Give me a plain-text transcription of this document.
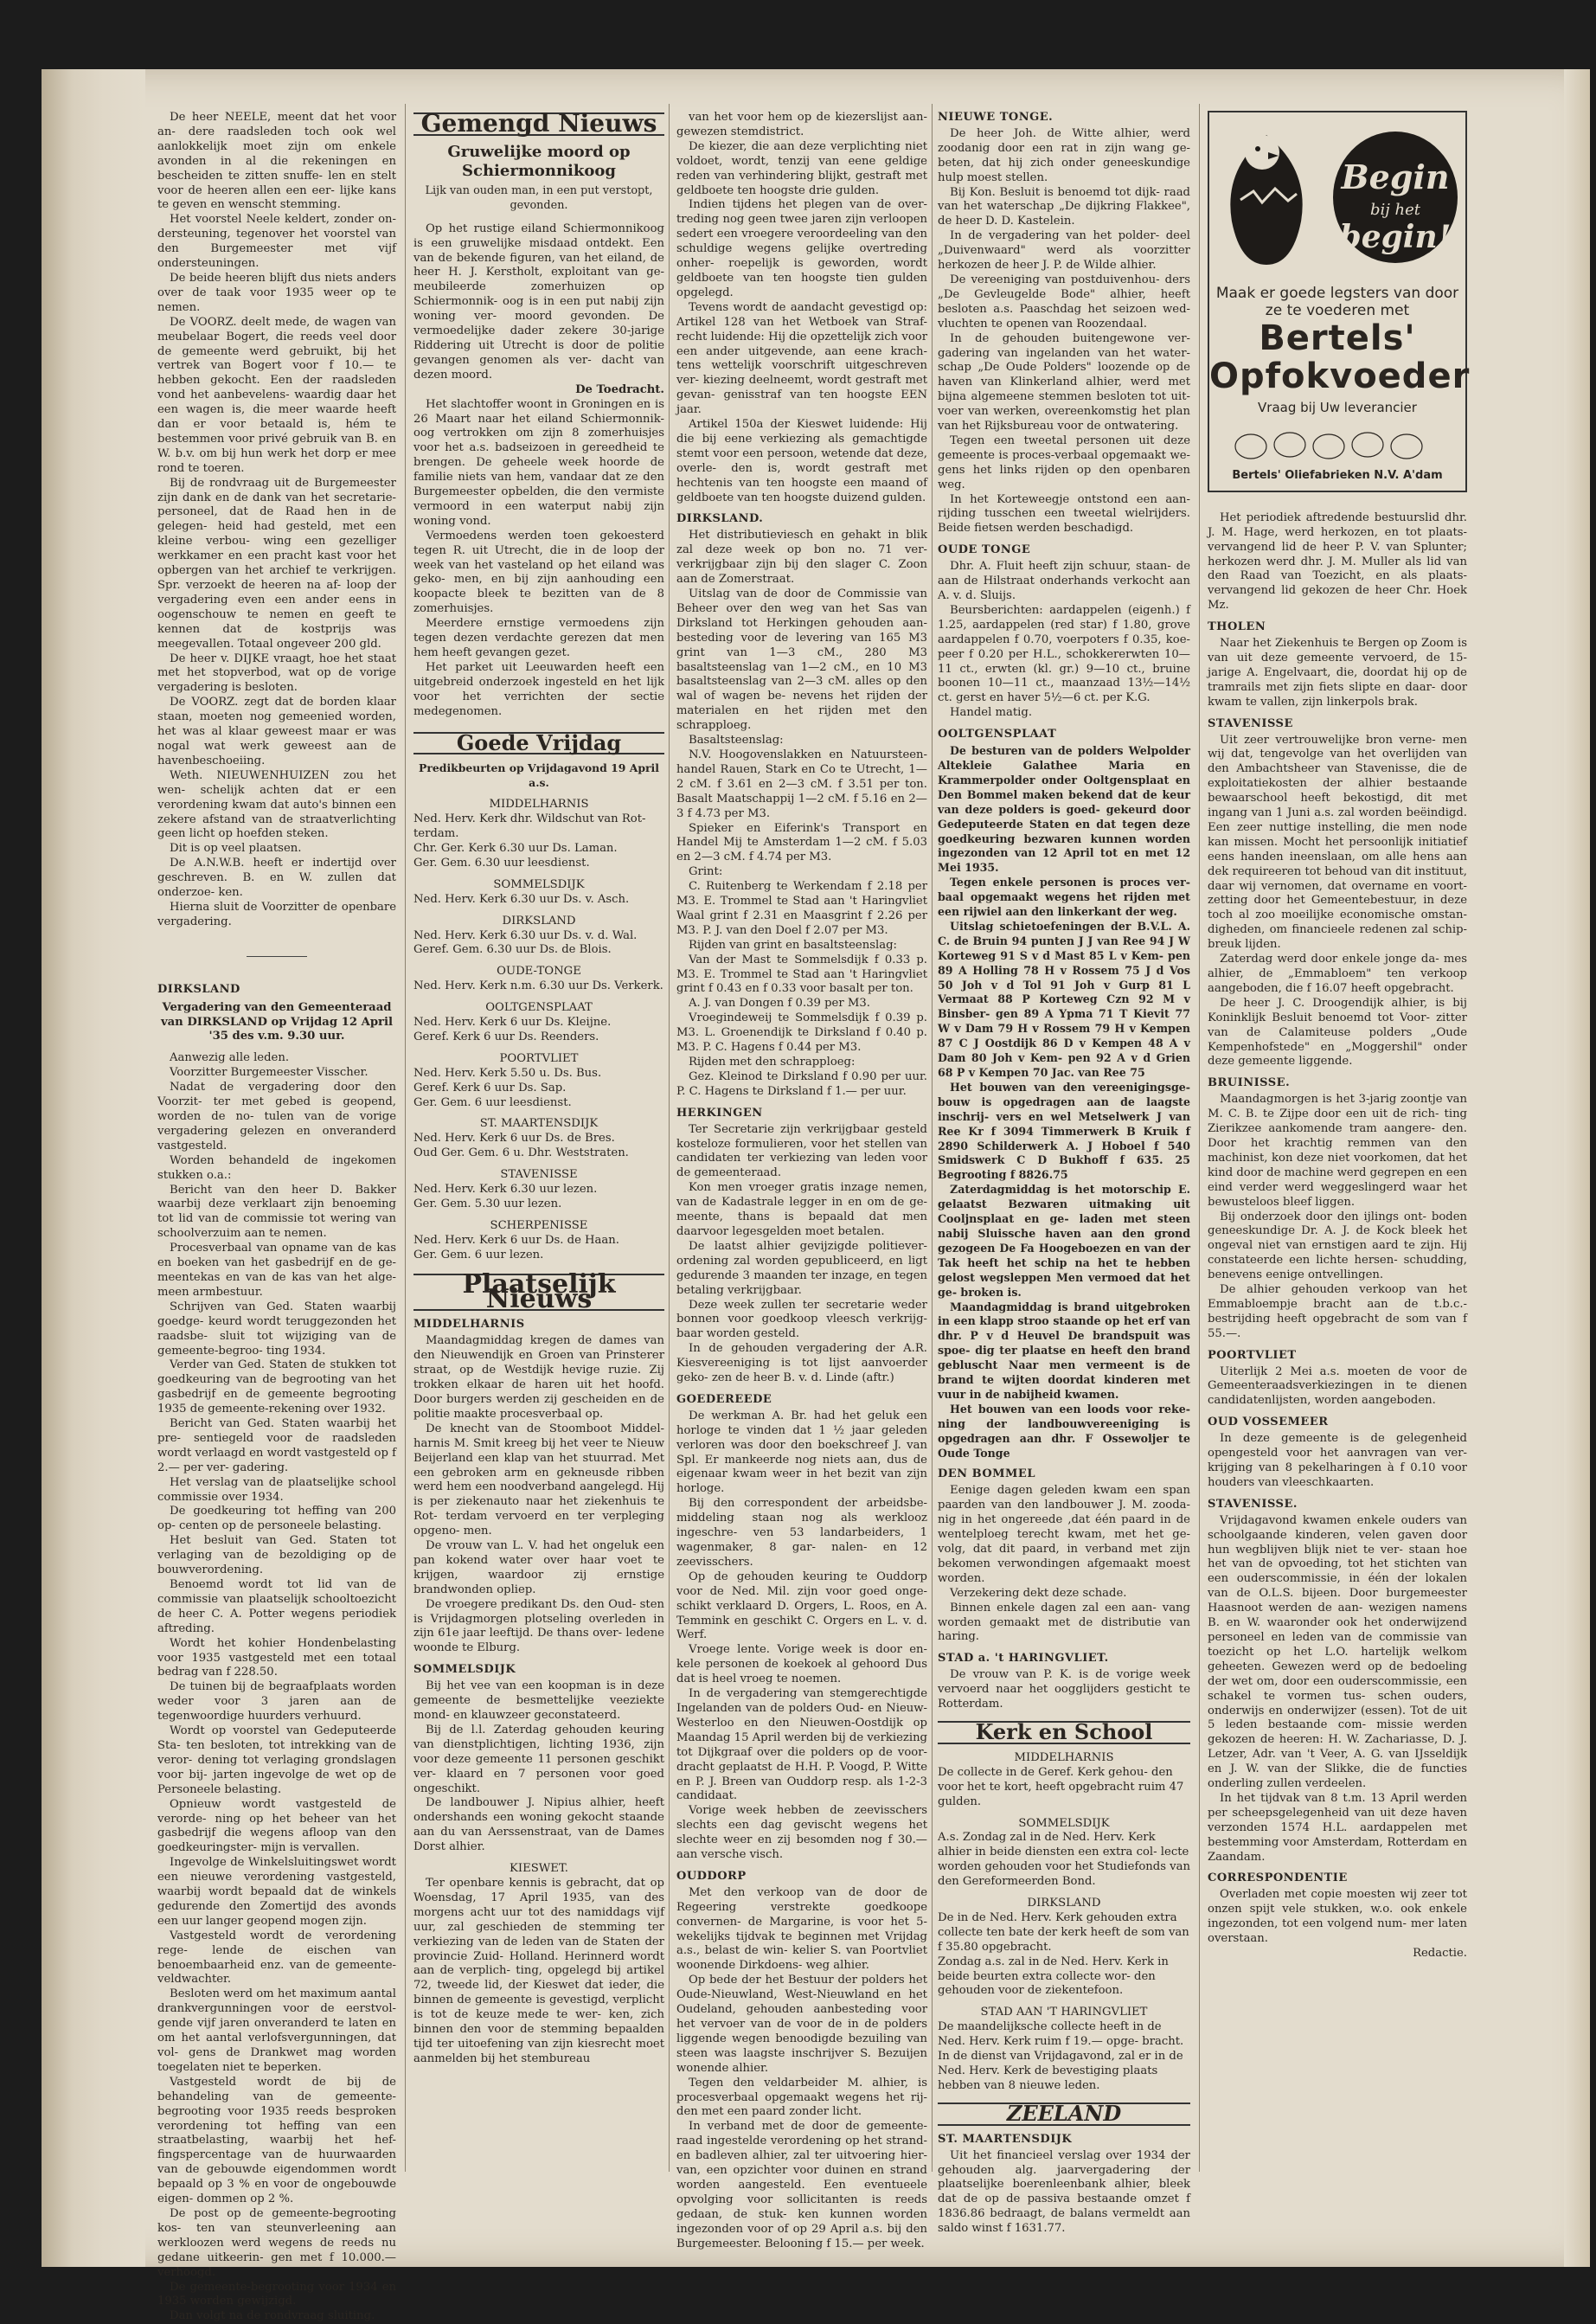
De heer NEELE, meent dat het voor an- dere raadsleden toch ook wel aanlokkelijk moet zijn om enkele avonden in al die rekeningen en bescheiden te zitten snuffe- len en stelt voor de heeren allen een eer- lijke kans te geven en wenscht stemming.

Het voorstel Neele keldert, zonder on- dersteuning, tegenover het voorstel van den Burgemeester met vijf ondersteuningen.

De beide heeren blijft dus niets anders over de taak voor 1935 weer op te nemen.

De VOORZ. deelt mede, de wagen van meubelaar Bogert, die reeds veel door de gemeente werd gebruikt, bij het vertrek van Bogert voor f 10.— te hebben gekocht. Een der raadsleden vond het aanbevelens- waardig daar het een wagen is, die meer waarde heeft dan er voor betaald is, hém te bestemmen voor privé gebruik van B. en W. b.v. om bij hun werk het dorp er mee rond te toeren.

Bij de rondvraag uit de Burgemeester zijn dank en de dank van het secretarie- personeel, dat de Raad hen in de gelegen- heid had gesteld, met een kleine verbou- wing een gezelliger werkkamer en een pracht kast voor het opbergen van het archief te verkrijgen. Spr. verzoekt de heeren na af- loop der vergadering even een ander eens in oogenschouw te nemen en geeft te kennen dat de kostprijs was meegevallen. Totaal ongeveer 200 gld.

De heer v. DIJKE vraagt, hoe het staat met het stopverbod, wat op de vorige vergadering is besloten.

De VOORZ. zegt dat de borden klaar staan, moeten nog gemeenied worden, het was al klaar geweest maar er was nogal wat werk geweest aan de havenbeschoeiing.

Weth. NIEUWENHUIZEN zou het wen- schelijk achten dat er een verordening kwam dat auto's binnen een zekere afstand van de straatverlichting geen licht op hoefden steken.

Dit is op veel plaatsen.

De A.N.W.B. heeft er indertijd over geschreven. B. en W. zullen dat onderzoe- ken.

Hierna sluit de Voorzitter de openbare vergadering.

DIRKSLAND

Vergadering van den Gemeenteraad van DIRKSLAND op Vrijdag 12 April '35 des v.m. 9.30 uur.

Aanwezig alle leden.

Voorzitter Burgemeester Visscher.

Nadat de vergadering door den Voorzit- ter met gebed is geopend, worden de no- tulen van de vorige vergadering gelezen en onveranderd vastgesteld.

Worden behandeld de ingekomen stukken o.a.:

Bericht van den heer D. Bakker waarbij deze verklaart zijn benoeming tot lid van de commissie tot wering van schoolverzuim aan te nemen.

Procesverbaal van opname van de kas en boeken van het gasbedrijf en de ge- meentekas en van de kas van het alge- meen armbestuur.

Schrijven van Ged. Staten waarbij goedge- keurd wordt teruggezonden het raadsbe- sluit tot wijziging van de gemeente-begroo- ting 1934.

Verder van Ged. Staten de stukken tot goedkeuring van de begrooting van het gasbedrijf en de gemeente begrooting 1935 de gemeente-rekening over 1932.

Bericht van Ged. Staten waarbij het pre- sentiegeld voor de raadsleden wordt verlaagd en wordt vastgesteld op f 2.— per ver- gadering.

Het verslag van de plaatselijke school commissie over 1934.

De goedkeuring tot heffing van 200 op- centen op de personeele belasting.

Het besluit van Ged. Staten tot verlaging van de bezoldiging op de bouwverordening.

Benoemd wordt tot lid van de commissie van plaatselijk schooltoezicht de heer C. A. Potter wegens periodiek aftreding.

Wordt het kohier Hondenbelasting voor 1935 vastgesteld met een totaal bedrag van f 228.50.

De tuinen bij de begraafplaats worden weder voor 3 jaren aan de tegenwoordige huurders verhuurd.

Wordt op voorstel van Gedeputeerde Sta- ten besloten, tot intrekking van de veror- dening tot verlaging grondslagen voor bij- jarten ingevolge de wet op de Personeele belasting.

Opnieuw wordt vastgesteld de verorde- ning op het beheer van het gasbedrijf die wegens afloop van den goedkeuringster- mijn is vervallen.

Ingevolge de Winkelsluitingswet wordt een nieuwe verordening vastgesteld, waarbij wordt bepaald dat de winkels gedurende den Zomertijd des avonds een uur langer geopend mogen zijn.

Vastgesteld wordt de verordening rege- lende de eischen van benoembaarheid enz. van de gemeente-veldwachter.

Besloten werd om het maximum aantal drankvergunningen voor de eerstvol- gende vijf jaren onveranderd te laten en om het aantal verlofsvergunningen, dat vol- gens de Drankwet mag worden toegelaten niet te beperken.

Vastgesteld wordt de bij de behandeling van de gemeente-begrooting voor 1935 reeds besproken verordening tot heffing van een straatbelasting, waarbij het hef- fingspercentage van de huurwaarden van de gebouwde eigendommen wordt bepaald op 3 % en voor de ongebouwde eigen- dommen op 2 %.

De post op de gemeente-begrooting kos- ten van steunverleening aan werkloozen werd wegens de reeds nu gedane uitkeerin- gen met f 10.000.— verhoogd.

De gemeente-begrooting voor 1934 en 1935 worden gewijzigd.

Dan volgt na de rondvraag sluiting.

Gemengd Nieuws
Gruwelijke moord op Schiermonnikoog
Lijk van ouden man, in een put verstopt, gevonden.

Op het rustige eiland Schiermonnikoog is een gruwelijke misdaad ontdekt. Een van de bekende figuren, van het eiland, de heer H. J. Kerstholt, exploitant van ge- meubileerde zomerhuizen op Schiermonnik- oog is in een put nabij zijn woning ver- moord gevonden. De vermoedelijke dader zekere 30-jarige Riddering uit Utrecht is door de politie gevangen genomen als ver- dacht van dezen moord.

De Toedracht.

Het slachtoffer woont in Groningen en is 26 Maart naar het eiland Schiermonnik- oog vertrokken om zijn 8 zomerhuisjes voor het a.s. badseizoen in gereedheid te brengen. De geheele week hoorde de familie niets van hem, vandaar dat ze den Burgemeester opbelden, die den vermiste vermoord in een waterput nabij zijn woning vond.

Vermoedens werden toen gekoesterd tegen R. uit Utrecht, die in de loop der week van het vasteland op het eiland was geko- men, en bij zijn aanhouding een koopacte bleek te bezitten van de 8 zomerhuisjes.

Meerdere ernstige vermoedens zijn tegen dezen verdachte gerezen dat men hem heeft gevangen gezet.

Het parket uit Leeuwarden heeft een uitgebreid onderzoek ingesteld en het lijk voor het verrichten der sectie medegenomen.

Goede Vrijdag

Predikbeurten op Vrijdagavond 19 April a.s.

MIDDELHARNIS

Ned. Herv. Kerk dhr. Wildschut van Rot- terdam.

Chr. Ger. Kerk 6.30 uur Ds. Laman.

Ger. Gem. 6.30 uur leesdienst.

SOMMELSDIJK

Ned. Herv. Kerk 6.30 uur Ds. v. Asch.

DIRKSLAND

Ned. Herv. Kerk 6.30 uur Ds. v. d. Wal.

Geref. Gem. 6.30 uur Ds. de Blois.

OUDE-TONGE

Ned. Herv. Kerk n.m. 6.30 uur Ds. Verkerk.

OOLTGENSPLAAT

Ned. Herv. Kerk 6 uur Ds. Kleijne.

Geref. Kerk 6 uur Ds. Reenders.

POORTVLIET

Ned. Herv. Kerk 5.50 u. Ds. Bus.

Geref. Kerk 6 uur Ds. Sap.

Ger. Gem. 6 uur leesdienst.

ST. MAARTENSDIJK

Ned. Herv. Kerk 6 uur Ds. de Bres.

Oud Ger. Gem. 6 u. Dhr. Weststraten.

STAVENISSE

Ned. Herv. Kerk 6.30 uur lezen.

Ger. Gem. 5.30 uur lezen.

SCHERPENISSE

Ned. Herv. Kerk 6 uur Ds. de Haan.

Ger. Gem. 6 uur lezen.

Plaatselijk Nieuws
MIDDELHARNIS

Maandagmiddag kregen de dames van den Nieuwendijk en Groen van Prinsterer straat, op de Westdijk hevige ruzie. Zij trokken elkaar de haren uit het hoofd. Door burgers werden zij gescheiden en de politie maakte procesverbaal op.

De knecht van de Stoomboot Middel- harnis M. Smit kreeg bij het veer te Nieuw Beijerland een klap van het stuurrad. Met een gebroken arm en gekneusde ribben werd hem een noodverband aangelegd. Hij is per ziekenauto naar het ziekenhuis te Rot- terdam vervoerd en ter verpleging opgeno- men.

De vrouw van L. V. had het ongeluk een pan kokend water over haar voet te krijgen, waardoor zij ernstige brandwonden opliep.

De vroegere predikant Ds. den Oud- sten is Vrijdagmorgen plotseling overleden in zijn 61e jaar leeftijd. De thans over- ledene woonde te Elburg.

SOMMELSDIJK

Bij het vee van een koopman is in deze gemeente de besmettelijke veeziekte mond- en klauwzeer geconstateerd.

Bij de l.l. Zaterdag gehouden keuring van dienstplichtigen, lichting 1936, zijn voor deze gemeente 11 personen geschikt ver- klaard en 7 personen voor goed ongeschikt.

De landbouwer J. Nipius alhier, heeft ondershands een woning gekocht staande aan du van Aerssenstraat, van de Dames Dorst alhier.

KIESWET.

Ter openbare kennis is gebracht, dat op Woensdag, 17 April 1935, van des morgens acht uur tot des namiddags vijf uur, zal geschieden de stemming ter verkiezing van de leden van de Staten der provincie Zuid- Holland. Herinnerd wordt aan de verplich- ting, opgelegd bij artikel 72, tweede lid, der Kieswet dat ieder, die binnen de gemeente is gevestigd, verplicht is tot de keuze mede te wer- ken, zich binnen den voor de stemming bepaalden tijd ter uitoefening van zijn kiesrecht moet aanmelden bij het stembureau

van het voor hem op de kiezerslijst aan- gewezen stemdistrict.

De kiezer, die aan deze verplichting niet voldoet, wordt, tenzij van eene geldige reden van verhindering blijkt, gestraft met geldboete ten hoogste drie gulden.

Indien tijdens het plegen van de over- treding nog geen twee jaren zijn verloopen sedert een vroegere veroordeeling van den schuldige wegens gelijke overtreding onher- roepelijk is geworden, wordt geldboete van ten hoogste tien gulden opgelegd.

Tevens wordt de aandacht gevestigd op: Artikel 128 van het Wetboek van Straf- recht luidende: Hij die opzettelijk zich voor een ander uitgevende, aan eene krach- tens wettelijk voorschrift uitgeschreven ver- kiezing deelneemt, wordt gestraft met gevan- genisstraf van ten hoogste EEN jaar.

Artikel 150a der Kieswet luidende: Hij die bij eene verkiezing als gemachtigde stemt voor een persoon, wetende dat deze, overle- den is, wordt gestraft met hechtenis van ten hoogste een maand of geldboete van ten hoogste duizend gulden.

DIRKSLAND.

Het distributieviesch en gehakt in blik zal deze week op bon no. 71 ver- verkrijgbaar zijn bij den slager C. Zoon aan de Zomerstraat.

Uitslag van de door de Commissie van Beheer over den weg van het Sas van Dirksland tot Herkingen gehouden aan- besteding voor de levering van 165 M3 grint van 1—3 cM., 280 M3 basaltsteenslag van 1—2 cM., en 10 M3 basaltsteenslag van 2—3 cM. alles op den wal of wagen be- nevens het rijden der materialen en het rijden met den schrapploeg.

Basaltsteenslag:

N.V. Hoogovenslakken en Natuursteen- handel Rauen, Stark en Co te Utrecht, 1—2 cM. f 3.61 en 2—3 cM. f 3.51 per ton. Basalt Maatschappij 1—2 cM. f 5.16 en 2—3 f 4.73 per M3.

Spieker en Eiferink's Transport en Handel Mij te Amsterdam 1—2 cM. f 5.03 en 2—3 cM. f 4.74 per M3.

Grint:

C. Ruitenberg te Werkendam f 2.18 per M3. E. Trommel te Stad aan 't Haringvliet Waal grint f 2.31 en Maasgrint f 2.26 per M3. P. J. van den Doel f 2.07 per M3.

Rijden van grint en basaltsteenslag:

Van der Mast te Sommelsdijk f 0.33 p. M3. E. Trommel te Stad aan 't Haringvliet grint f 0.43 en f 0.33 voor basalt per ton.

A. J. van Dongen f 0.39 per M3.

Vroegindeweij te Sommelsdijk f 0.39 p. M3. L. Groenendijk te Dirksland f 0.40 p. M3. P. C. Hagens f 0.44 per M3.

Rijden met den schrapploeg:

Gez. Kleinod te Dirksland f 0.90 per uur. P. C. Hagens te Dirksland f 1.— per uur.

HERKINGEN

Ter Secretarie zijn verkrijgbaar gesteld kosteloze formulieren, voor het stellen van candidaten ter verkiezing van leden voor de gemeenteraad.

Kon men vroeger gratis inzage nemen, van de Kadastrale legger in en om de ge- meente, thans is bepaald dat men daarvoor legesgelden moet betalen.

De laatst alhier gevijzigde politiever- ordening zal worden gepubliceerd, en ligt gedurende 3 maanden ter inzage, en tegen betaling verkrijgbaar.

Deze week zullen ter secretarie weder bonnen voor goedkoop vleesch verkrijg- baar worden gesteld.

In de gehouden vergadering der A.R. Kiesvereeniging is tot lijst aanvoerder geko- zen de heer B. v. d. Linde (aftr.)

GOEDEREEDE

De werkman A. Br. had het geluk een horloge te vinden dat 1 ½ jaar geleden verloren was door den boekschreef J. van Spl. Er mankeerde nog niets aan, dus de eigenaar kwam weer in het bezit van zijn horloge.

Bij den correspondent der arbeidsbe- middeling staan nog als werklooz ingeschre- ven 53 landarbeiders, 1 wagenmaker, 8 gar- nalen- en 12 zeevisschers.

Op de gehouden keuring te Ouddorp voor de Ned. Mil. zijn voor goed onge- schikt verklaard D. Orgers, L. Roos, en A. Temmink en geschikt C. Orgers en L. v. d. Werf.

Vroege lente. Vorige week is door en- kele personen de koekoek al gehoord Dus dat is heel vroeg te noemen.

In de vergadering van stemgerechtigde Ingelanden van de polders Oud- en Nieuw- Westerloo en den Nieuwen-Oostdijk op Maandag 15 April werden bij de verkiezing tot Dijkgraaf over die polders op de voor- dracht geplaatst de H.H. P. Voogd, P. Witte en P. J. Breen van Ouddorp resp. als 1-2-3 candidaat.

Vorige week hebben de zeevisschers slechts een dag gevischt wegens het slechte weer en zij besomden nog f 30.— aan versche visch.

OUDDORP

Met den verkoop van de door de Regeering verstrekte goedkoope convernen- de Margarine, is voor het 5-wekelijks tijdvak te beginnen met Vrijdag a.s., belast de win- kelier S. van Poortvliet woonende Dirkdoens- weg alhier.

Op bede der het Bestuur der polders het Oude-Nieuwland, West-Nieuwland en het Oudeland, gehouden aanbesteding voor het vervoer van de voor de in de polders liggende wegen benoodigde bezuiling van steen was laagste inschrijver S. Bezuijen wonende alhier.

Tegen den veldarbeider M. alhier, is procesverbaal opgemaakt wegens het rij- den met een paard zonder licht.

In verband met de door de gemeente- raad ingestelde verordening op het strand- en badleven alhier, zal ter uitvoering hier- van, een opzichter voor duinen en strand worden aangesteld. Een eventueele opvolging voor sollicitanten is reeds gedaan, de stuk- ken kunnen worden ingezonden voor of op 29 April a.s. bij den Burgemeester. Belooning f 15.— per week.

NIEUWE TONGE.

De heer Joh. de Witte alhier, werd zoodanig door een rat in zijn wang ge- beten, dat hij zich onder geneeskundige hulp moest stellen.

Bij Kon. Besluit is benoemd tot dijk- raad van het waterschap „De dijkring Flakkee", de heer D. D. Kastelein.

In de vergadering van het polder- deel „Duivenwaard" werd als voorzitter herkozen de heer J. P. de Wilde alhier.

De vereeniging van postduivenhou- ders „De Gevleugelde Bode" alhier, heeft besloten a.s. Paaschdag het seizoen wed- vluchten te openen van Roozendaal.

In de gehouden buitengewone ver- gadering van ingelanden van het water- schap „De Oude Polders" loozende op de haven van Klinkerland alhier, werd met bijna algemeene stemmen besloten tot uit- voer van werken, overeenkomstig het plan van het Rijksbureau voor de ontwatering.

Tegen een tweetal personen uit deze gemeente is proces-verbaal opgemaakt we- gens het links rijden op den openbaren weg.

In het Korteweegje ontstond een aan- rijding tusschen een tweetal wielrijders. Beide fietsen werden beschadigd.

OUDE TONGE

Dhr. A. Fluit heeft zijn schuur, staan- de aan de Hilstraat onderhands verkocht aan A. v. d. Sluijs.

Beursberichten: aardappelen (eigenh.) f 1.25, aardappelen (red star) f 1.80, grove aardappelen f 0.70, voerpoters f 0.35, koe- peer f 0.20 per H.L., schokkererwten 10— 11 ct., erwten (kl. gr.) 9—10 ct., bruine boonen 10—11 ct., maanzaad 13½—14½ ct. gerst en haver 5½—6 ct. per K.G.

Handel matig.

OOLTGENSPLAAT

De besturen van de polders Welpolder Altekleie Galathee Maria en Krammerpolder onder Ooltgensplaat en Den Bommel maken bekend dat de keur van deze polders is goed- gekeurd door Gedeputeerde Staten en dat tegen deze goedkeuring bezwaren kunnen worden ingezonden van 12 April tot en met 12 Mei 1935.

Tegen enkele personen is proces ver- baal opgemaakt wegens het rijden met een rijwiel aan den linkerkant der weg.

Uitslag schietoefeningen der B.V.L. A. C. de Bruin 94 punten J J van Ree 94 J W Korteweg 91 S v d Mast 85 L v Kem- pen 89 A Holling 78 H v Rossem 75 J d Vos 50 Joh v d Tol 91 Joh v Gurp 81 L Vermaat 88 P Korteweg Czn 92 M v Binsber- gen 89 A Ypma 71 T Kievit 77 W v Dam 79 H v Rossem 79 H v Kempen 87 C J Oostdijk 86 D v Kempen 48 A v Dam 80 Joh v Kem- pen 92 A v d Grien 68 P v Kempen 70 Jac. van Ree 75

Het bouwen van den vereenigingsge- bouw is opgedragen aan de laagste inschrij- vers en wel Metselwerk J van Ree Kr f 3094 Timmerwerk B Kruik f 2890 Schilderwerk A. J Hoboel f 540 Smidswerk C D Bukhoff f 635. 25 Begrooting f 8826.75

Zaterdagmiddag is het motorschip E. gelaatst Bezwaren uitmaking uit Cooljnsplaat en ge- laden met steen nabij Sluissche haven aan den grond gezogeen De Fa Hoogeboezen en van der Tak heeft het schip na het te hebben gelost wegsleppen Men vermoed dat het ge- broken is.

Maandagmiddag is brand uitgebroken in een klapp stroo staande op het erf van dhr. P v d Heuvel De brandspuit was spoe- dig ter plaatse en heeft den brand gebluscht Naar men vermeent is de brand te wijten doordat kinderen met vuur in de nabijheid kwamen.

Het bouwen van een loods voor reke- ning der landbouwvereeniging is opgedragen aan dhr. F Ossewoljer te Oude Tonge

DEN BOMMEL

Eenige dagen geleden kwam een span paarden van den landbouwer J. M. zooda- nig in het ongereede ‚dat één paard in de wentelploeg terecht kwam, met het ge- volg, dat dit paard, in verband met zijn bekomen verwondingen afgemaakt moest worden.

Verzekering dekt deze schade.

Binnen enkele dagen zal een aan- vang worden gemaakt met de distributie van haring.

STAD a. 't HARINGVLIET.

De vrouw van P. K. is de vorige week vervoerd naar het oogglijders gesticht te Rotterdam.

Kerk en School
MIDDELHARNIS

De collecte in de Geref. Kerk gehou- den voor het te kort, heeft opgebracht ruim 47 gulden.

SOMMELSDIJK

A.s. Zondag zal in de Ned. Herv. Kerk alhier in beide diensten een extra col- lecte worden gehouden voor het Studiefonds van den Gereformeerden Bond.

DIRKSLAND

De in de Ned. Herv. Kerk gehouden extra collecte ten bate der kerk heeft de som van f 35.80 opgebracht.

Zondag a.s. zal in de Ned. Herv. Kerk in beide beurten extra collecte wor- den gehouden voor de ziekentefoon.

STAD AAN 'T HARINGVLIET

De maandelijksche collecte heeft in de Ned. Herv. Kerk ruim f 19.— opge- bracht.

In de dienst van Vrijdagavond, zal er in de Ned. Herv. Kerk de bevestiging plaats hebben van 8 nieuwe leden.

ZEELAND
ST. MAARTENSDIJK

Uit het financieel verslag over 1934 der gehouden alg. jaarvergadering der plaatselijke boerenleenbank alhier, bleek dat de op de passiva bestaande omzet f 1836.86 bedraagt, de balans vermeldt aan saldo winst f 1631.77.

Begin
bij het
begin!
Maak er goede legsters van door ze te voederen met
Bertels'
Opfokvoeder
Vraag bij Uw leverancier
Bertels' Oliefabrieken N.V. A'dam

Het periodiek aftredende bestuurslid dhr. J. M. Hage, werd herkozen, en tot plaats- vervangend lid de heer P. V. van Splunter; herkozen werd dhr. J. M. Muller als lid van den Raad van Toezicht, en als plaats- vervangend lid gekozen de heer Chr. Hoek Mz.

THOLEN

Naar het Ziekenhuis te Bergen op Zoom is van uit deze gemeente vervoerd, de 15-jarige A. Engelvaart, die, doordat hij op de tramrails met zijn fiets slipte en daar- door kwam te vallen, zijn linkerpols brak.

STAVENISSE

Uit zeer vertrouwelijke bron verne- men wij dat, tengevolge van het overlijden van den Ambachtsheer van Stavenisse, die de exploitatiekosten der alhier bestaande bewaarschool heeft bekostigd, dit met ingang van 1 Juni a.s. zal worden beëindigd. Een zeer nuttige instelling, die men node kan missen. Mocht het persoonlijk initiatief eens handen ineenslaan, om alle hens aan dek requireeren tot behoud van dit instituut, daar wij vernomen, dat overname en voort- zetting door het Gemeentebestuur, in deze toch al zoo moeilijke economische omstan- digheden, om financieele redenen zal schip- breuk lijden.

Zaterdag werd door enkele jonge da- mes alhier, de „Emmabloem" ten verkoop aangeboden, die f 16.07 heeft opgebracht.

De heer J. C. Droogendijk alhier, is bij Koninklijk Besluit benoemd tot Voor- zitter van de Calamiteuse polders „Oude Kempenhofstede" en „Moggershil" onder deze gemeente liggende.

BRUINISSE.

Maandagmorgen is het 3-jarig zoontje van M. C. B. te Zijpe door een uit de rich- ting Zierikzee aankomende tram aangere- den. Door het krachtig remmen van den machinist, kon deze niet voorkomen, dat het kind door de machine werd gegrepen en een eind verder werd weggeslingerd waar het bewusteloos bleef liggen.

Bij onderzoek door den ijlings ont- boden geneeskundige Dr. A. J. de Kock bleek het ongeval niet van ernstigen aard te zijn. Hij constateerde een lichte hersen- schudding, benevens eenige ontvellingen.

De alhier gehouden verkoop van het Emmabloempje bracht aan de t.b.c.- bestrijding heeft opgebracht de som van f 55.—.

POORTVLIET

Uiterlijk 2 Mei a.s. moeten de voor de Gemeenteraadsverkiezingen in te dienen candidatenlijsten, worden aangeboden.

OUD VOSSEMEER

In deze gemeente is de gelegenheid opengesteld voor het aanvragen van ver- krijging van 8 pekelharingen à f 0.10 voor houders van vleeschkaarten.

STAVENISSE.

Vrijdagavond kwamen enkele ouders van schoolgaande kinderen, velen gaven door hun wegblijven blijk niet te ver- staan hoe het van de opvoeding, tot het stichten van een ouderscommissie, in één der lokalen van de O.L.S. bijeen. Door burgemeester Haasnoot werden de aan- wezigen namens B. en W. waaronder ook het onderwijzend personeel en leden van de commissie van toezicht op het L.O. hartelijk welkom geheeten. Gewezen werd op de bedoeling der wet om, door een ouderscommissie, een schakel te vormen tus- schen ouders, onderwijs en onderwijzer (essen). Tot de uit 5 leden bestaande com- missie werden gekozen de heeren: H. W. Zachariasse, D. J. Letzer, Adr. van 't Veer, A. G. van IJsseldijk en J. W. van der Slikke, die de functies onderling zullen verdeelen.

In het tijdvak van 8 t.m. 13 April werden per scheepsgelegenheid van uit deze haven verzonden 1574 H.L. aardappelen met bestemming voor Amsterdam, Rotterdam en Zaandam.

CORRESPONDENTIE

Overladen met copie moesten wij zeer tot onzen spijt vele stukken, w.o. ook enkele ingezonden, tot een volgend num- mer laten overstaan.

Redactie.
